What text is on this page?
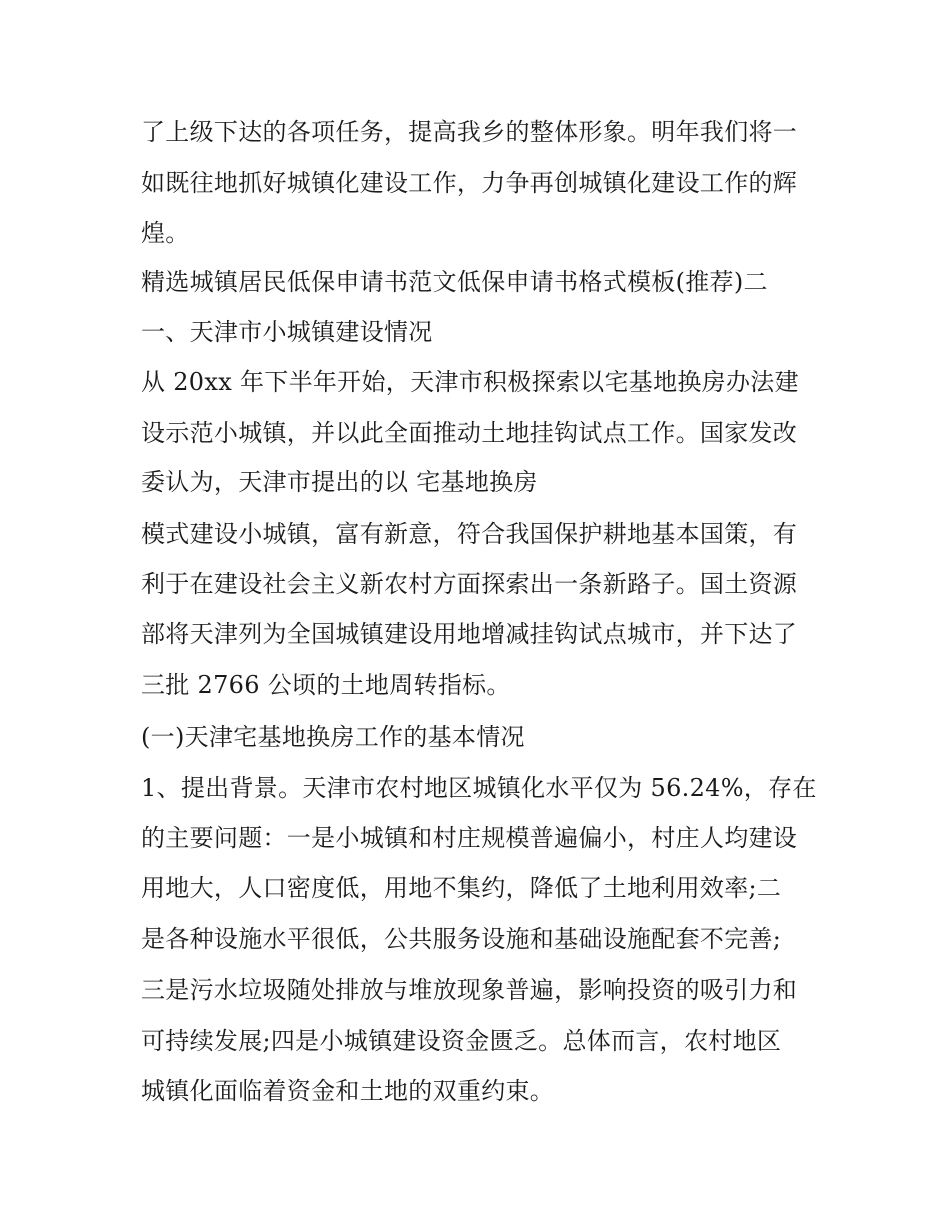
了上级下达的各项任务，提高我乡的整体形象。明年我们将一
如既往地抓好城镇化建设工作，力争再创城镇化建设工作的辉
煌。
精选城镇居民低保申请书范文低保申请书格式模板(推荐)二
一、天津市小城镇建设情况
从 20xx 年下半年开始，天津市积极探索以宅基地换房办法建
设示范小城镇，并以此全面推动土地挂钩试点工作。国家发改
委认为，天津市提出的以 宅基地换房
模式建设小城镇，富有新意，符合我国保护耕地基本国策，有
利于在建设社会主义新农村方面探索出一条新路子。国土资源
部将天津列为全国城镇建设用地增减挂钩试点城市，并下达了
三批 2766 公顷的土地周转指标。
(一)天津宅基地换房工作的基本情况
1、提出背景。天津市农村地区城镇化水平仅为 56.24%，存在
的主要问题：一是小城镇和村庄规模普遍偏小，村庄人均建设
用地大，人口密度低，用地不集约，降低了土地利用效率;二
是各种设施水平很低，公共服务设施和基础设施配套不完善;
三是污水垃圾随处排放与堆放现象普遍，影响投资的吸引力和
可持续发展;四是小城镇建设资金匮乏。总体而言，农村地区
城镇化面临着资金和土地的双重约束。
